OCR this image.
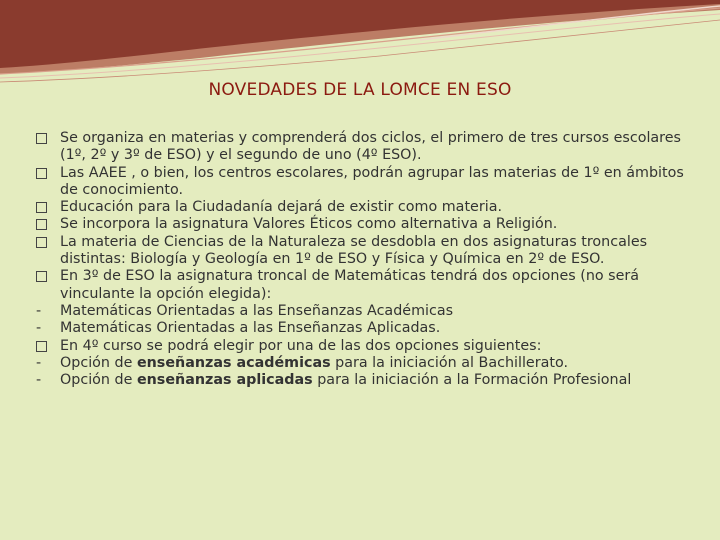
NOVEDADES DE LA LOMCE EN ESO
Se organiza en materias y comprenderá dos ciclos, el primero de tres cursos escolares (1º, 2º y 3º de ESO) y el segundo de uno (4º ESO).
Las AAEE , o bien, los centros escolares, podrán agrupar las materias de 1º en ámbitos de conocimiento.
Educación para la Ciudadanía dejará de existir como materia.
Se incorpora la asignatura Valores Éticos como alternativa a Religión.
La materia de Ciencias de la Naturaleza se desdobla en dos asignaturas troncales distintas: Biología y Geología en 1º de ESO y Física y Química en 2º de ESO.
En 3º de ESO la asignatura troncal de Matemáticas tendrá dos opciones (no será vinculante la opción elegida):
-	Matemáticas Orientadas a las Enseñanzas Académicas
-	Matemáticas Orientadas a las Enseñanzas Aplicadas.
En 4º curso se podrá elegir por una de las dos opciones siguientes:
-	Opción de enseñanzas académicas para la iniciación al Bachillerato.
-	Opción de enseñanzas aplicadas para la iniciación a la Formación Profesional
